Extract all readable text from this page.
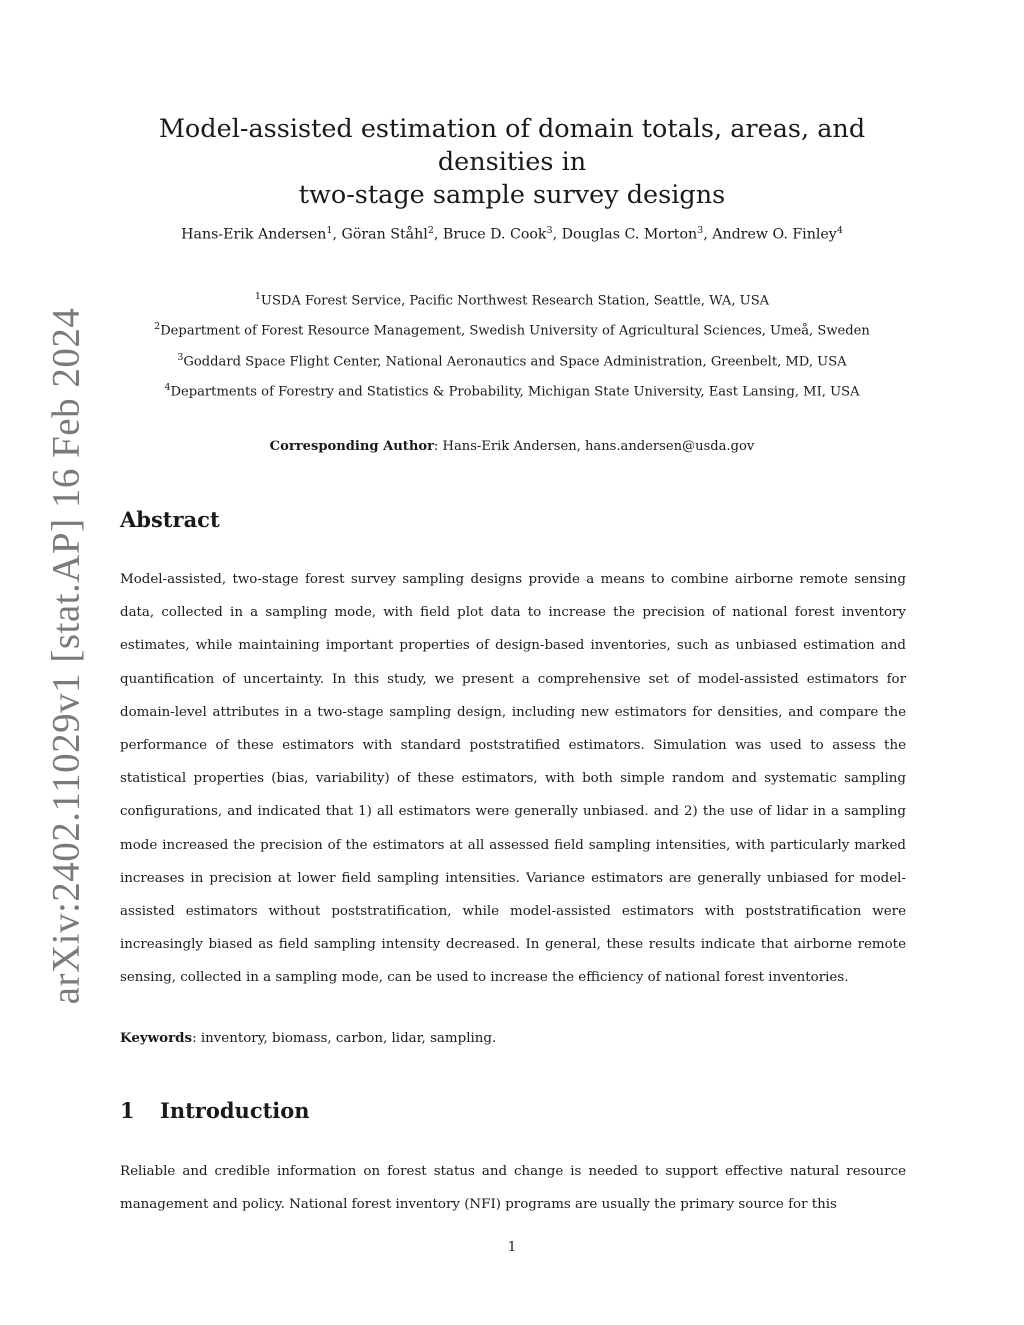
arXiv:2402.11029v1 [stat.AP] 16 Feb 2024
Model-assisted estimation of domain totals, areas, and densities in
two-stage sample survey designs
Hans-Erik Andersen$^1$, Göran Ståhl$^2$, Bruce D. Cook$^3$, Douglas C. Morton$^3$, Andrew O. Finley$^4$
$^1$USDA Forest Service, Pacific Northwest Research Station, Seattle, WA, USA
$^2$Department of Forest Resource Management, Swedish University of Agricultural Sciences, Umeå, Sweden
$^3$Goddard Space Flight Center, National Aeronautics and Space Administration, Greenbelt, MD, USA
$^4$Departments of Forestry and Statistics & Probability, Michigan State University, East Lansing, MI, USA
Corresponding Author: Hans-Erik Andersen, hans.andersen@usda.gov
Abstract

Model-assisted, two-stage forest survey sampling designs provide a means to combine airborne remote sensing data, collected in a sampling mode, with field plot data to increase the precision of national forest inventory estimates, while maintaining important properties of design-based inventories, such as unbiased estimation and quantification of uncertainty. In this study, we present a comprehensive set of model-assisted estimators for domain-level attributes in a two-stage sampling design, including new estimators for densities, and compare the performance of these estimators with standard poststratified estimators. Simulation was used to assess the statistical properties (bias, variability) of these estimators, with both simple random and systematic sampling configurations, and indicated that 1) all estimators were generally unbiased. and 2) the use of lidar in a sampling mode increased the precision of the estimators at all assessed field sampling intensities, with particularly marked increases in precision at lower field sampling intensities. Variance estimators are generally unbiased for model-assisted estimators without poststratification, while model-assisted estimators with poststratification were increasingly biased as field sampling intensity decreased. In general, these results indicate that airborne remote sensing, collected in a sampling mode, can be used to increase the efficiency of national forest inventories.

Keywords: inventory, biomass, carbon, lidar, sampling.

1 Introduction

Reliable and credible information on forest status and change is needed to support effective natural resource management and policy. National forest inventory (NFI) programs are usually the primary source for this

1
